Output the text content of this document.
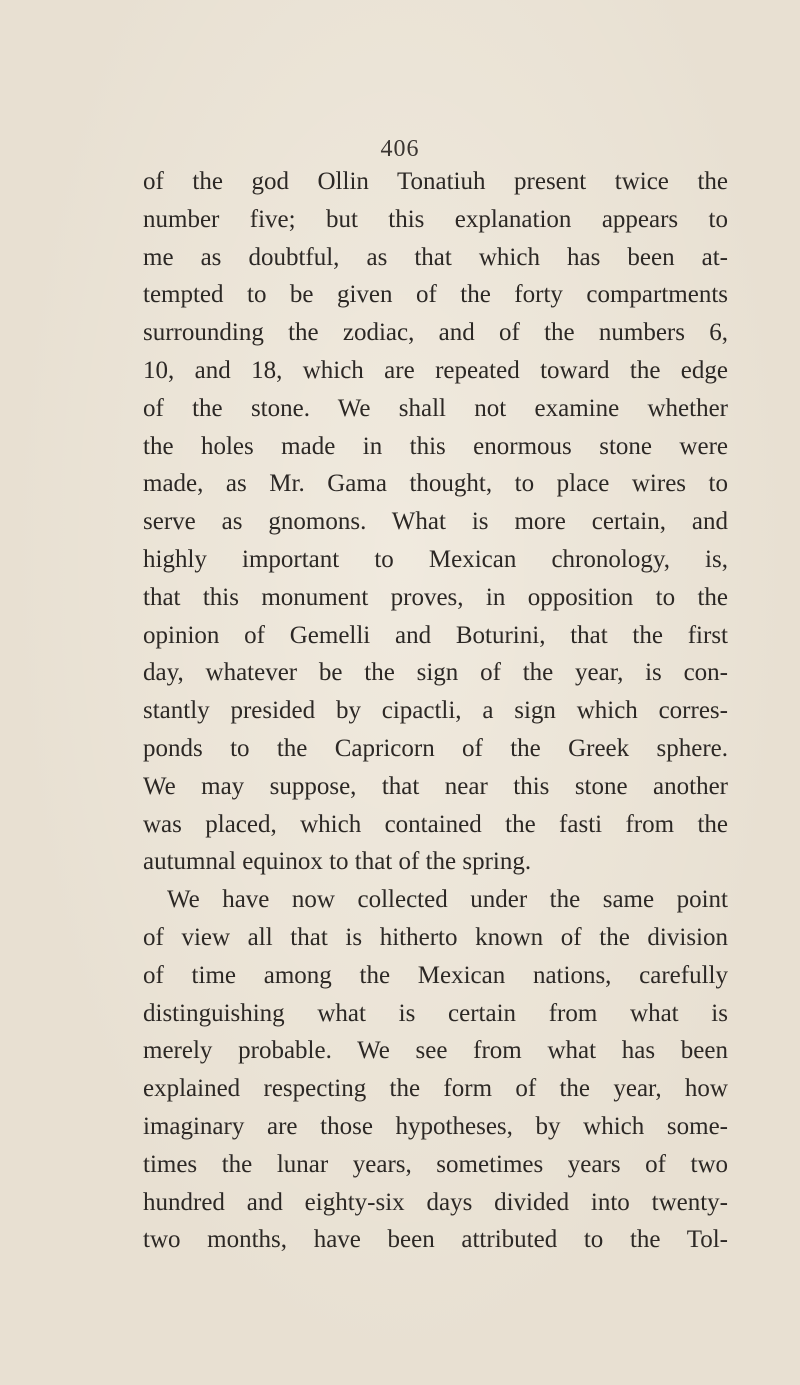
406
of the god Ollin Tonatiuh present twice the
number five; but this explanation appears to
me as doubtful, as that which has been at-
tempted to be given of the forty compartments
surrounding the zodiac, and of the numbers 6,
10, and 18, which are repeated toward the edge
of the stone. We shall not examine whether
the holes made in this enormous stone were
made, as Mr. Gama thought, to place wires to
serve as gnomons. What is more certain, and
highly important to Mexican chronology, is,
that this monument proves, in opposition to the
opinion of Gemelli and Boturini, that the first
day, whatever be the sign of the year, is con-
stantly presided by cipactli, a sign which corres-
ponds to the Capricorn of the Greek sphere.
We may suppose, that near this stone another
was placed, which contained the fasti from the
autumnal equinox to that of the spring.
We have now collected under the same point
of view all that is hitherto known of the division
of time among the Mexican nations, carefully
distinguishing what is certain from what is
merely probable. We see from what has been
explained respecting the form of the year, how
imaginary are those hypotheses, by which some-
times the lunar years, sometimes years of two
hundred and eighty-six days divided into twenty-
two months, have been attributed to the Tol-
